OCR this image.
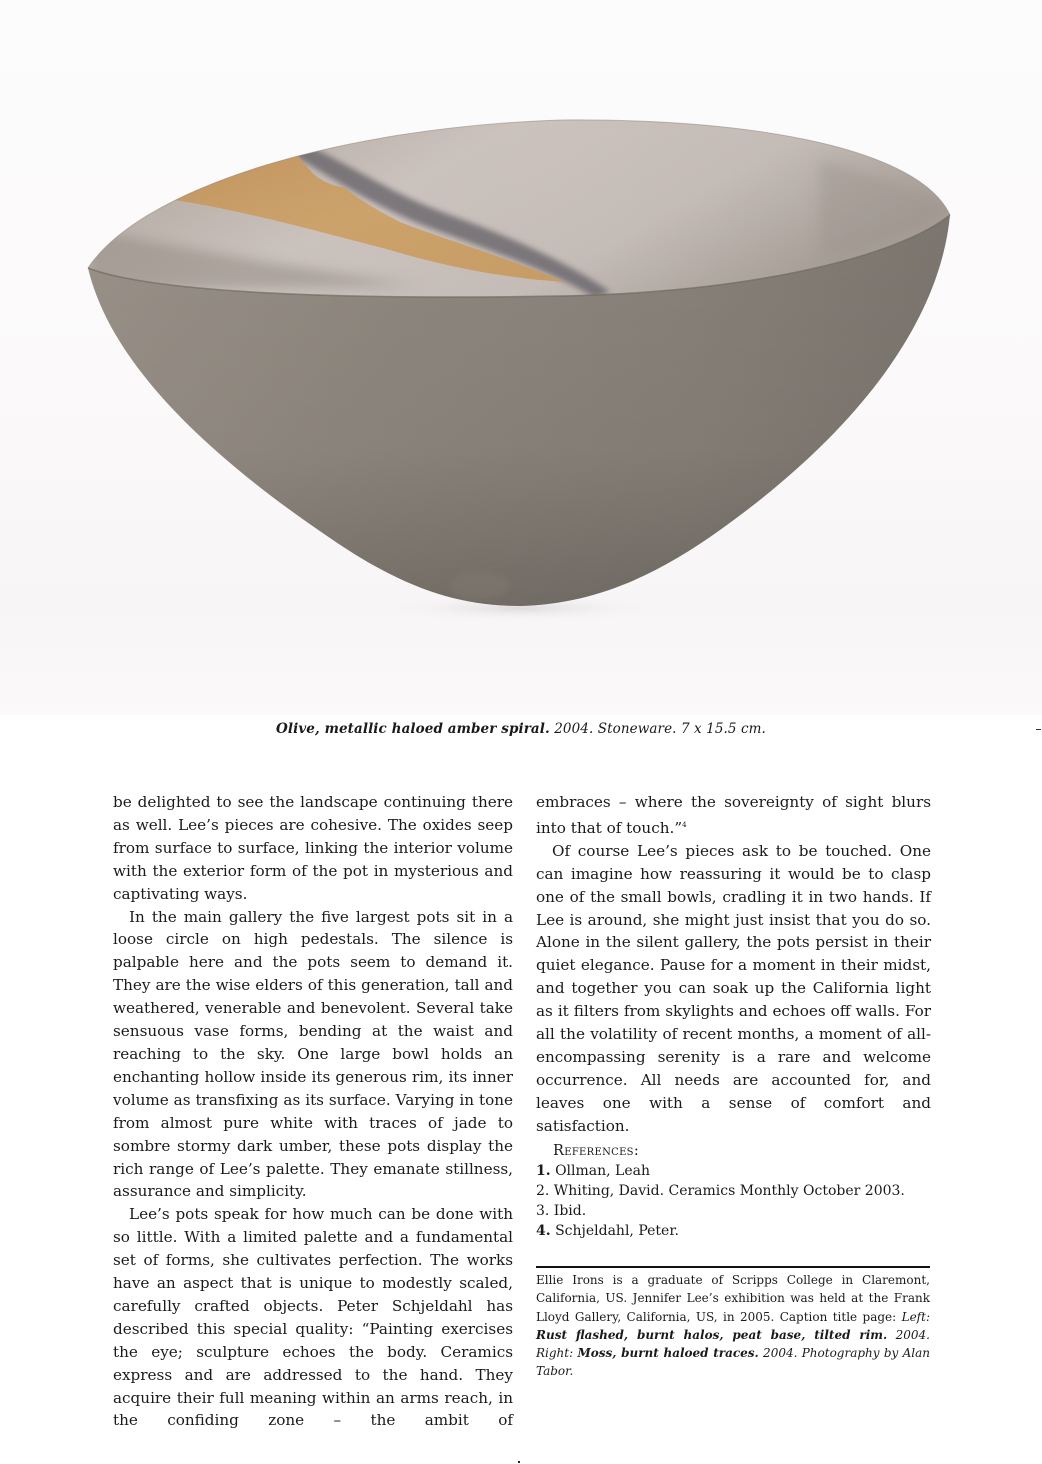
Olive, metallic haloed amber spiral. 2004. Stoneware. 7 x 15.5 cm.

be delighted to see the landscape continuing there as well. Lee’s pieces are cohesive. The oxides seep from surface to surface, linking the interior volume with the exterior form of the pot in mysterious and captivating ways.

In the main gallery the five largest pots sit in a loose circle on high pedestals. The silence is palpable here and the pots seem to demand it. They are the wise elders of this generation, tall and weathered, venerable and benevolent. Several take sensuous vase forms, bending at the waist and reaching to the sky. One large bowl holds an enchanting hollow inside its generous rim, its inner volume as transfixing as its surface. Varying in tone from almost pure white with traces of jade to sombre stormy dark umber, these pots display the rich range of Lee’s palette. They emanate stillness, assurance and simplicity.

Lee’s pots speak for how much can be done with so little. With a limited palette and a fundamental set of forms, she cultivates perfection. The works have an aspect that is unique to modestly scaled, carefully crafted objects. Peter Schjeldahl has described this special quality: “Painting exercises the eye; sculpture echoes the body. Ceramics express and are addressed to the hand. They acquire their full meaning within an arms reach, in the confiding zone – the ambit of

embraces – where the sovereignty of sight blurs into that of touch.”$^4$

Of course Lee’s pieces ask to be touched. One can imagine how reassuring it would be to clasp one of the small bowls, cradling it in two hands. If Lee is around, she might just insist that you do so. Alone in the silent gallery, the pots persist in their quiet elegance. Pause for a moment in their midst, and together you can soak up the California light as it filters from skylights and echoes off walls. For all the volatility of recent months, a moment of all-encompassing serenity is a rare and welcome occurrence. All needs are accounted for, and leaves one with a sense of comfort and satisfaction.

References:
1. Ollman, Leah
2. Whiting, David. Ceramics Monthly October 2003.
3. Ibid.
4. Schjeldahl, Peter.
Ellie Irons is a graduate of Scripps College in Claremont, California, US. Jennifer Lee’s exhibition was held at the Frank Lloyd Gallery, California, US, in 2005. Caption title page: Left: Rust flashed, burnt halos, peat base, tilted rim. 2004. Right: Moss, burnt haloed traces. 2004. Photography by Alan Tabor.
